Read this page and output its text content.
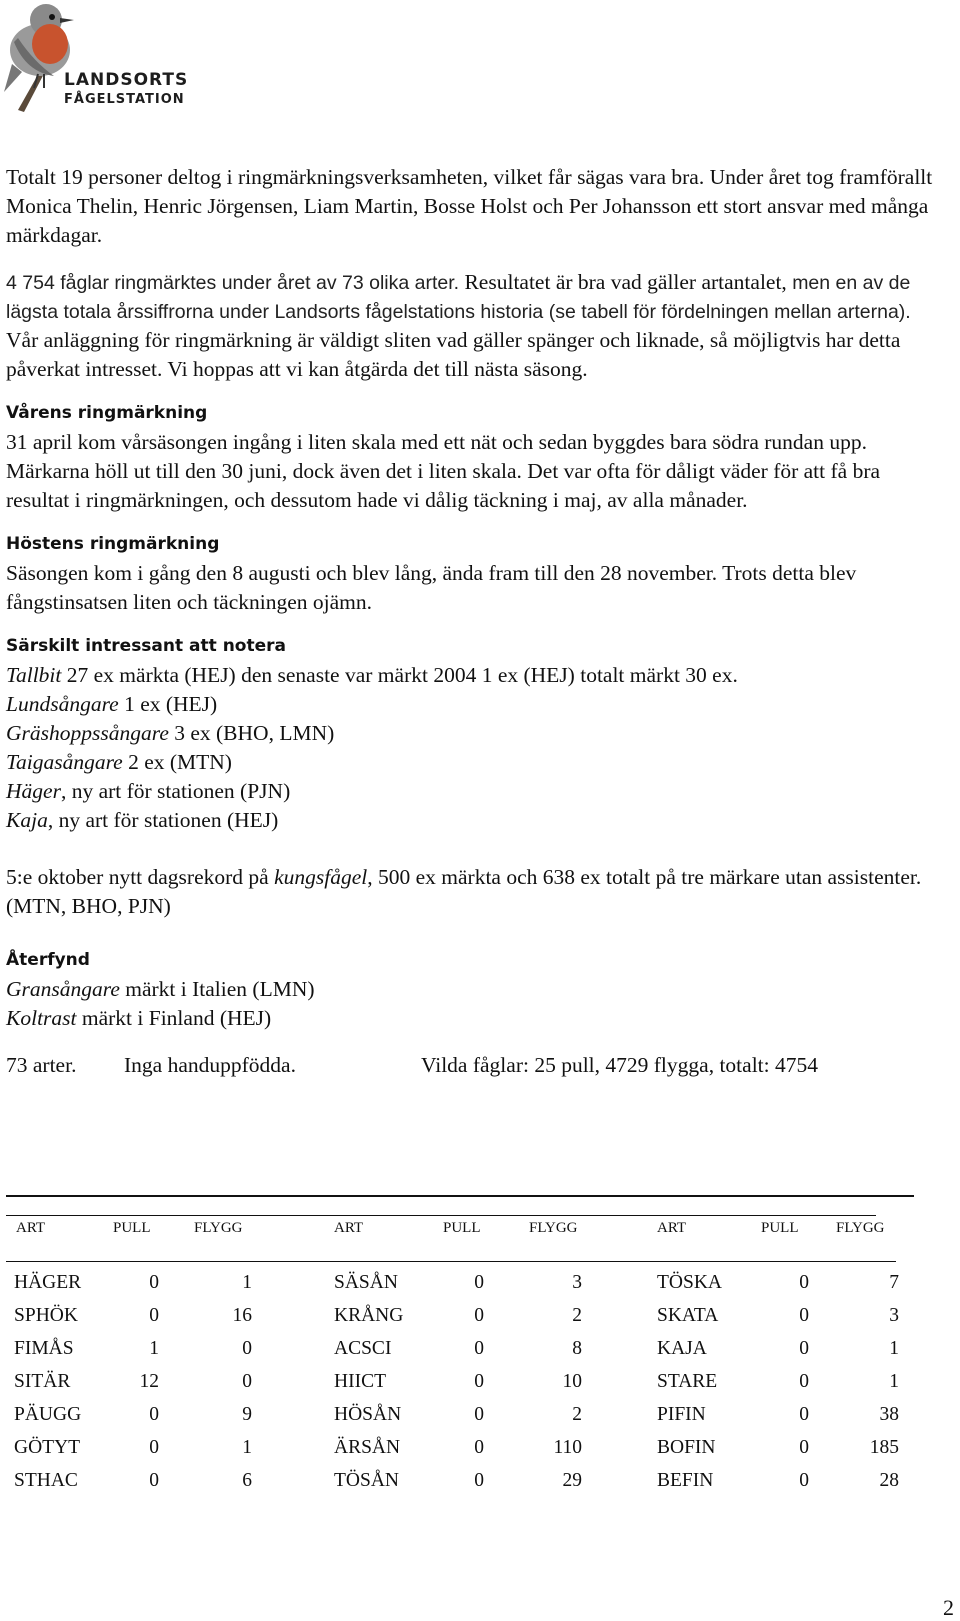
LANDSORTS
FÅGELSTATION

Totalt 19 personer deltog i ringmärkningsverksamheten, vilket får sägas vara bra. Under året tog framförallt Monica Thelin, Henric Jörgensen, Liam Martin, Bosse Holst och Per Johansson ett stort ansvar med många märkdagar.

4 754 fåglar ringmärktes under året av 73 olika arter. Resultatet är bra vad gäller artantalet, men en av de lägsta totala årssiffrorna under Landsorts fågelstations historia (se tabell för fördelningen mellan arterna). Vår anläggning för ringmärkning är väldigt sliten vad gäller spänger och liknade, så möjligtvis har detta påverkat intresset. Vi hoppas att vi kan åtgärda det till nästa säsong.

Vårens ringmärkning

31 april kom vårsäsongen ingång i liten skala med ett nät och sedan byggdes bara södra rundan upp. Märkarna höll ut till den 30 juni, dock även det i liten skala. Det var ofta för dåligt väder för att få bra resultat i ringmärkningen, och dessutom hade vi dålig täckning i maj, av alla månader.

Höstens ringmärkning

Säsongen kom i gång den 8 augusti och blev lång, ända fram till den 28 november. Trots detta blev fångstinsatsen liten och täckningen ojämn.

Särskilt intressant att notera

Tallbit 27 ex märkta (HEJ) den senaste var märkt 2004 1 ex (HEJ) totalt märkt 30 ex.

Lundsångare 1 ex (HEJ)

Gräshoppssångare 3 ex (BHO, LMN)

Taigasångare 2 ex (MTN)

Häger, ny art för stationen (PJN)

Kaja, ny art för stationen (HEJ)

5:e oktober nytt dagsrekord på kungsfågel, 500 ex märkta och 638 ex totalt på tre märkare utan assistenter. (MTN, BHO, PJN)

Återfynd

Gransångare märkt i Italien (LMN)

Koltrast märkt i Finland (HEJ)

73 arter. Inga handuppfödda.	Vilda fåglar: 25 pull, 4729 flygga, totalt: 4754
ART	PULL	FLYGG	ART	PULL	FLYGG	ART	PULL	FLYGG
HÄGER	0	1	SÄSÅN	0	3	TÖSKA	0	7
SPHÖK	0	16	KRÅNG	0	2	SKATA	0	3
FIMÅS	1	0	ACSCI	0	8	KAJA	0	1
SITÄR	12	0	HIICT	0	10	STARE	0	1
PÄUGG	0	9	HÖSÅN	0	2	PIFIN	0	38
GÖTYT	0	1	ÄRSÅN	0	110	BOFIN	0	185
STHAC	0	6	TÖSÅN	0	29	BEFIN	0	28
2
